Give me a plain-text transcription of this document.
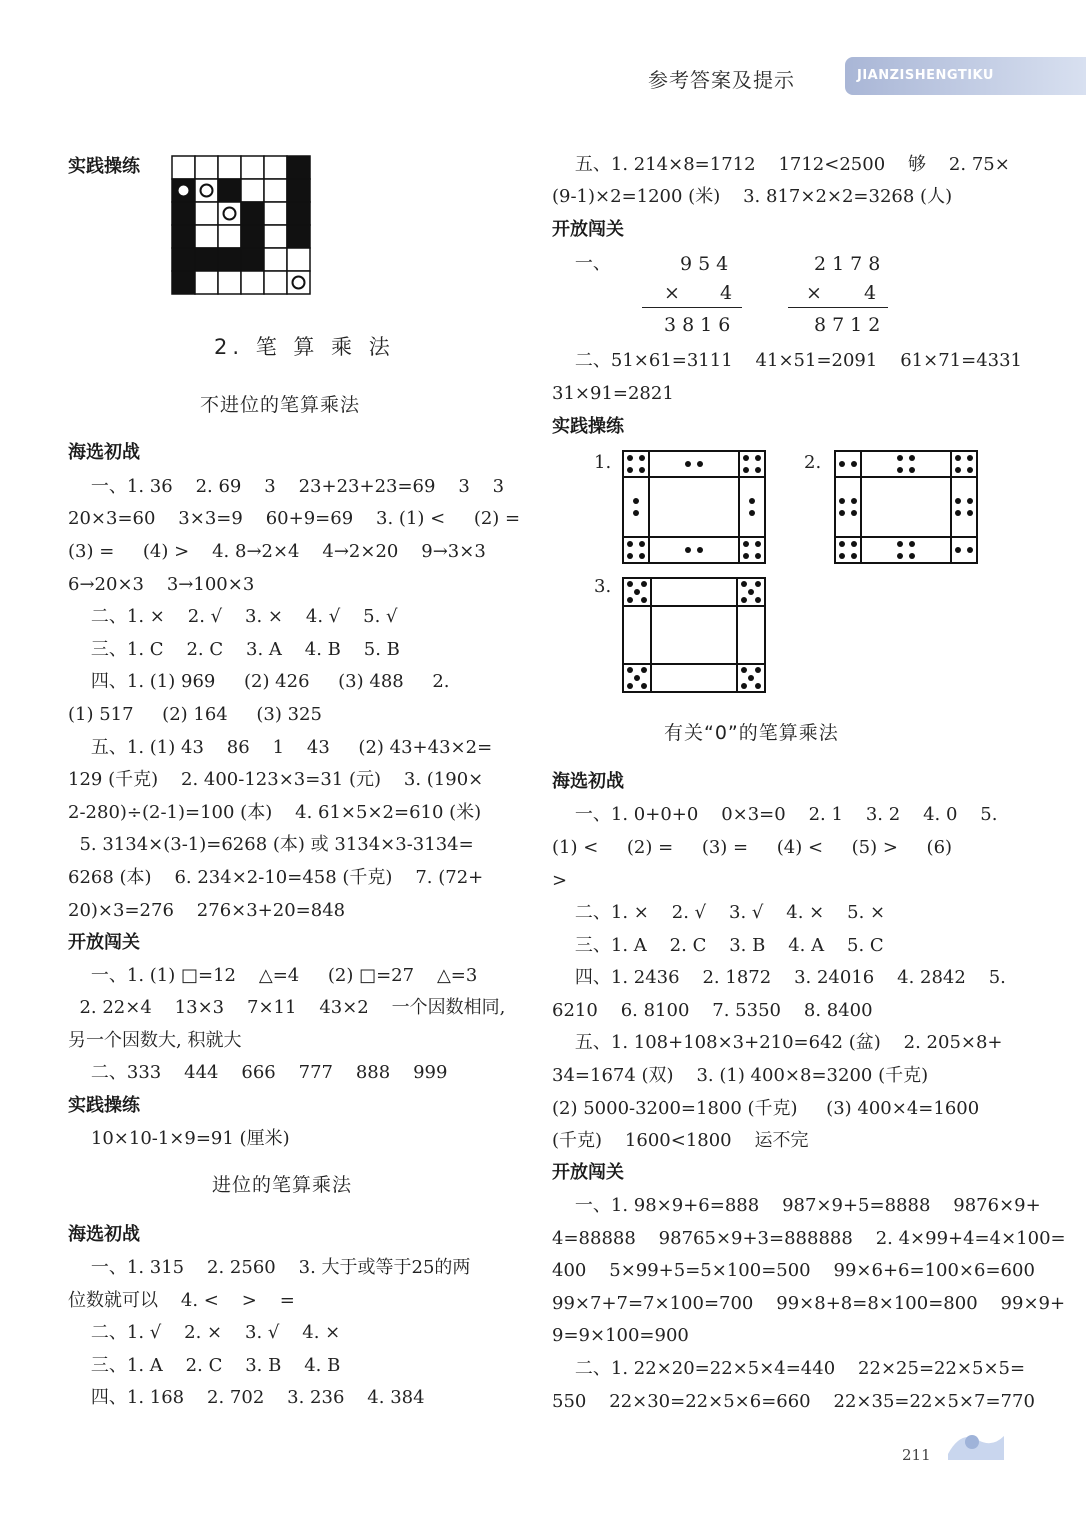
参考答案及提示	JIANZISHENGTIKU
实践操练
2. 笔 算 乘 法
不进位的笔算乘法
海选初战
一、1. 36    2. 69    3    23+23+23=69    3    3
20×3=60    3×3=9    60+9=69    3. (1) <     (2) =
(3) =     (4) >    4. 8→2×4    4→2×20    9→3×3
6→20×3    3→100×3
二、1. ×    2. √    3. ×    4. √    5. √
三、1. C    2. C    3. A    4. B    5. B
四、1. (1) 969     (2) 426     (3) 488     2.
(1) 517     (2) 164     (3) 325
五、1. (1) 43    86    1    43     (2) 43+43×2=
129 (千克)    2. 400-123×3=31 (元)    3. (190×
2-280)÷(2-1)=100 (本)    4. 61×5×2=610 (米)
5. 3134×(3-1)=6268 (本) 或 3134×3-3134=
6268 (本)    6. 234×2-10=458 (千克)    7. (72+
20)×3=276    276×3+20=848
开放闯关
一、1. (1) □=12    △=4     (2) □=27    △=3
2. 22×4    13×3    7×11    43×2    一个因数相同,
另一个因数大, 积就大
二、333    444    666    777    888    999
实践操练
10×10-1×9=91 (厘米)
进位的笔算乘法
海选初战
一、1. 315    2. 2560    3. 大于或等于25的两
位数就可以    4. <    >    =
二、1. √    2. ×    3. √    4. ×
三、1. A    2. C    3. B    4. B
四、1. 168    2. 702    3. 236    4. 384
五、1. 214×8=1712    1712<2500    够    2. 75×
(9-1)×2=1200 (米)    3. 817×2×2=3268 (人)
开放闯关
一、	954
× 4
3816
2178
× 4
8712
二、51×61=3111    41×51=2091    61×71=4331
31×91=2821
实践操练
1.	2.
3.
有关“0”的笔算乘法
海选初战
一、1. 0+0+0    0×3=0    2. 1    3. 2    4. 0    5.
(1) <     (2) =     (3) =     (4) <     (5) >     (6)
>
二、1. ×    2. √    3. √    4. ×    5. ×
三、1. A    2. C    3. B    4. A    5. C
四、1. 2436    2. 1872    3. 24016    4. 2842    5.
6210    6. 8100    7. 5350    8. 8400
五、1. 108+108×3+210=642 (盆)    2. 205×8+
34=1674 (双)    3. (1) 400×8=3200 (千克)
(2) 5000-3200=1800 (千克)     (3) 400×4=1600
(千克)    1600<1800    运不完
开放闯关
一、1. 98×9+6=888    987×9+5=8888    9876×9+
4=88888    98765×9+3=888888    2. 4×99+4=4×100=
400    5×99+5=5×100=500    99×6+6=100×6=600
99×7+7=7×100=700    99×8+8=8×100=800    99×9+
9=9×100=900
二、1. 22×20=22×5×4=440    22×25=22×5×5=
550    22×30=22×5×6=660    22×35=22×5×7=770
211
